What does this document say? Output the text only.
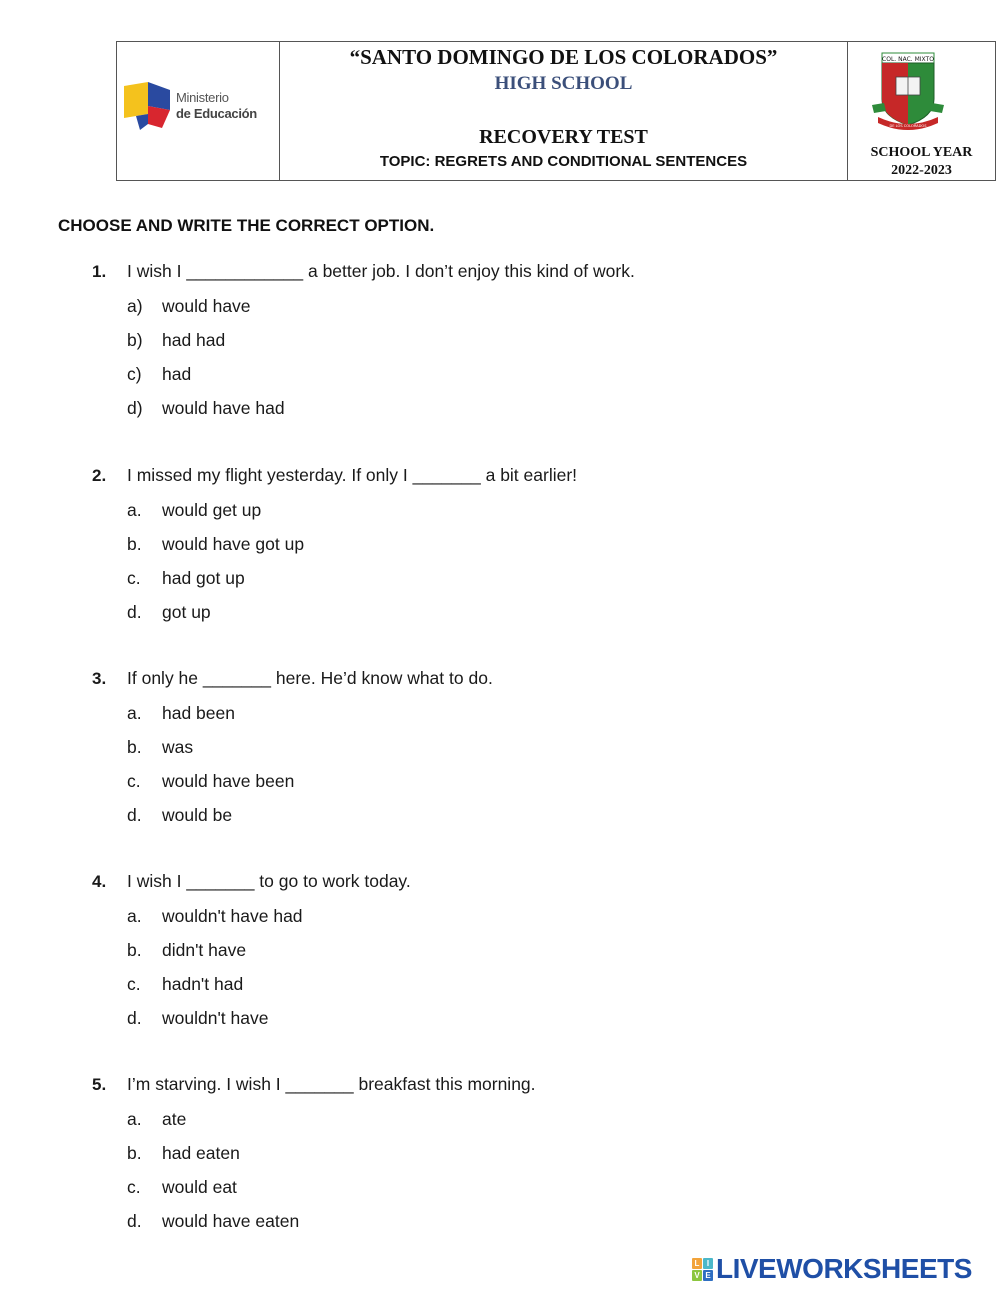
Ministerio
de Educación
“SANTO DOMINGO DE LOS COLORADOS”
HIGH SCHOOL
RECOVERY TEST
TOPIC: REGRETS AND CONDITIONAL SENTENCES
COL. NAC. MIXTO
DE LOS COLORADOS
SCHOOL YEAR
2022-2023
CHOOSE AND WRITE THE CORRECT OPTION.
1. I wish I ____________ a better job. I don’t enjoy this kind of work.
a) would have
b) had had
c) had
d) would have had
2. I missed my flight yesterday. If only I _______ a bit earlier!
a. would get up
b. would have got up
c. had got up
d. got up
3. If only he _______ here. He’d know what to do.
a. had been
b. was
c. would have been
d. would be
4. I wish I _______ to go to work today.
a. wouldn't have had
b. didn't have
c. hadn't had
d. wouldn't have
5. I’m starving. I wish I _______ breakfast this morning.
a. ate
b. had eaten
c. would eat
d. would have eaten
L I
V E LIVEWORKSHEETS
